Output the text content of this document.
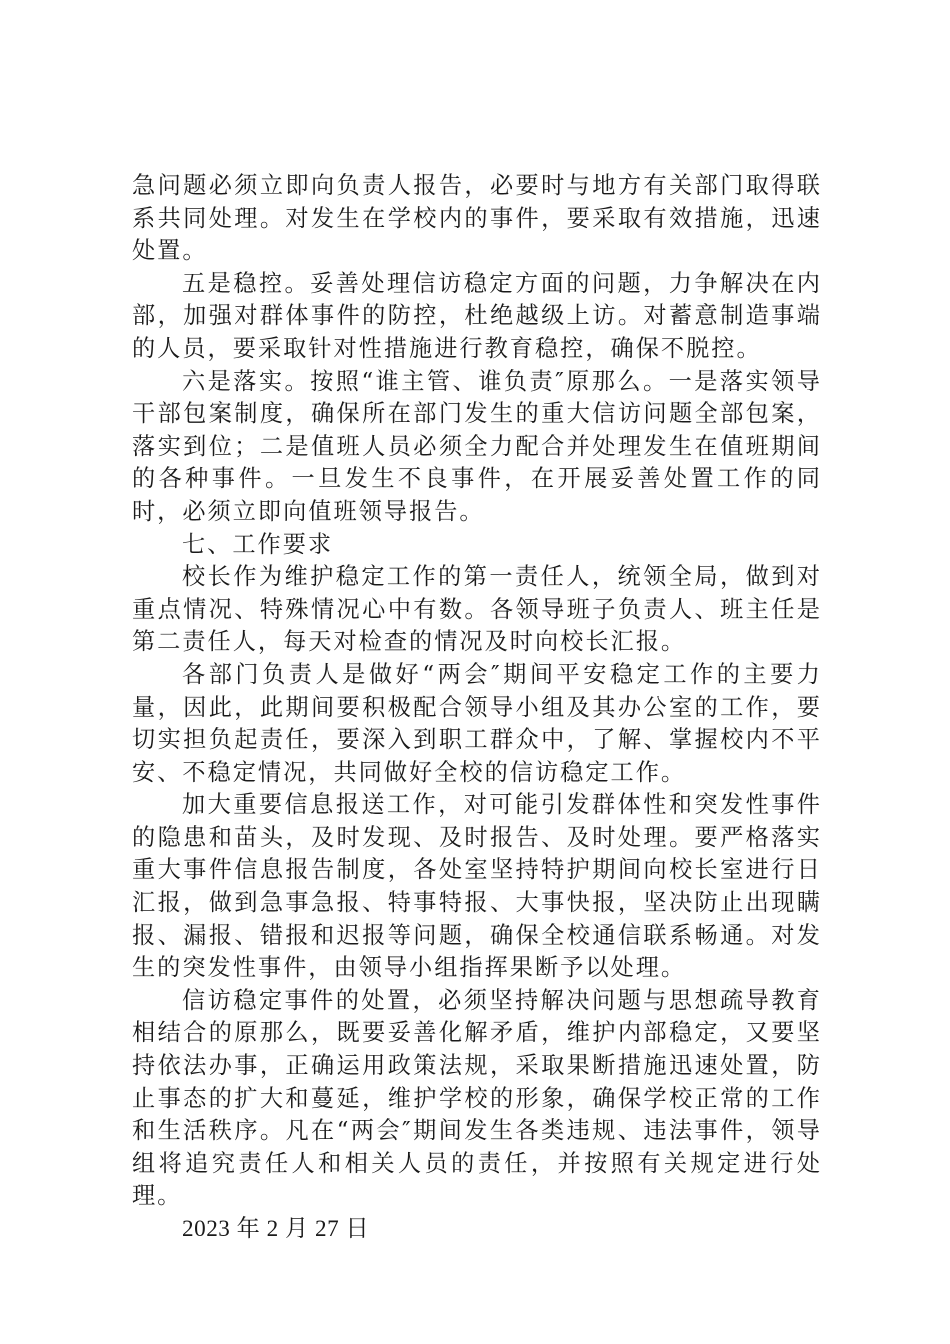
急问题必须立即向负责人报告，必要时与地方有关部门取得联系共同处理。对发生在学校内的事件，要采取有效措施，迅速处置。

五是稳控。妥善处理信访稳定方面的问题，力争解决在内部，加强对群体事件的防控，杜绝越级上访。对蓄意制造事端的人员，要采取针对性措施进行教育稳控，确保不脱控。

六是落实。按照“谁主管、谁负责″原那么。一是落实领导干部包案制度，确保所在部门发生的重大信访问题全部包案，落实到位；二是值班人员必须全力配合并处理发生在值班期间的各种事件。一旦发生不良事件，在开展妥善处置工作的同时，必须立即向值班领导报告。

七、工作要求

校长作为维护稳定工作的第一责任人，统领全局，做到对重点情况、特殊情况心中有数。各领导班子负责人、班主任是第二责任人，每天对检查的情况及时向校长汇报。

各部门负责人是做好“两会″期间平安稳定工作的主要力量，因此，此期间要积极配合领导小组及其办公室的工作，要切实担负起责任，要深入到职工群众中，了解、掌握校内不平安、不稳定情况，共同做好全校的信访稳定工作。

加大重要信息报送工作，对可能引发群体性和突发性事件的隐患和苗头，及时发现、及时报告、及时处理。要严格落实重大事件信息报告制度，各处室坚持特护期间向校长室进行日汇报，做到急事急报、特事特报、大事快报，坚决防止出现瞒报、漏报、错报和迟报等问题，确保全校通信联系畅通。对发生的突发性事件，由领导小组指挥果断予以处理。

信访稳定事件的处置，必须坚持解决问题与思想疏导教育相结合的原那么，既要妥善化解矛盾，维护内部稳定，又要坚持依法办事，正确运用政策法规，采取果断措施迅速处置，防止事态的扩大和蔓延，维护学校的形象，确保学校正常的工作和生活秩序。凡在“两会″期间发生各类违规、违法事件，领导组将追究责任人和相关人员的责任，并按照有关规定进行处理。

2023 年 2 月 27 日
